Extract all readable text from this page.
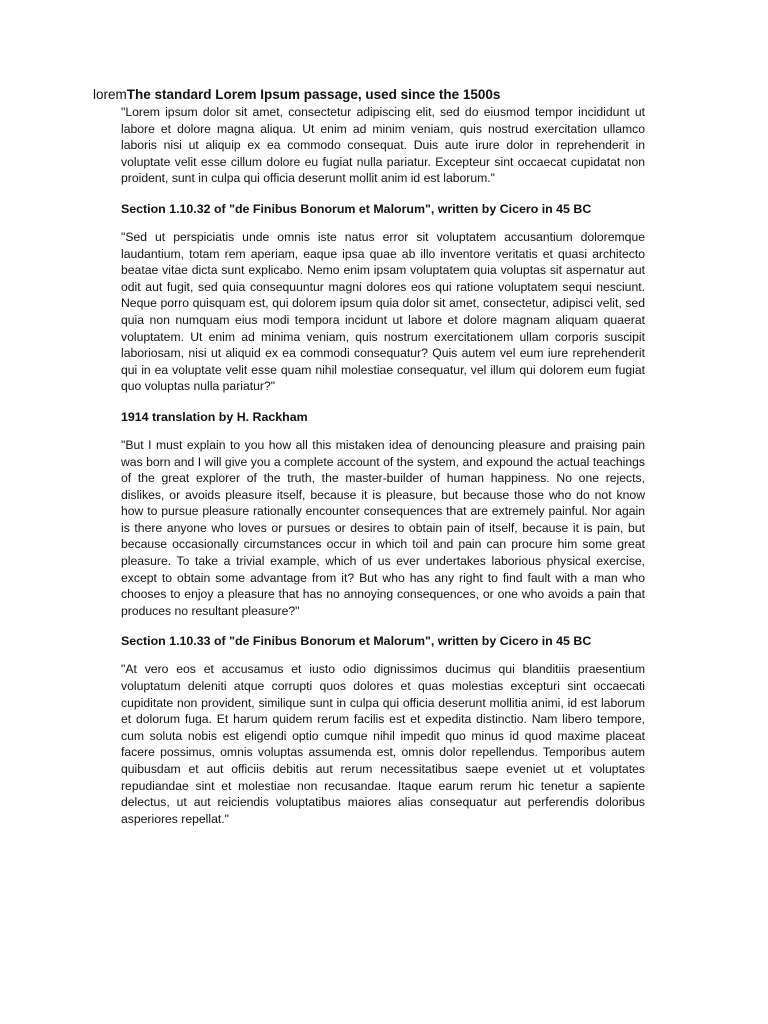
loremThe standard Lorem Ipsum passage, used since the 1500s

"Lorem ipsum dolor sit amet, consectetur adipiscing elit, sed do eiusmod tempor incididunt ut labore et dolore magna aliqua. Ut enim ad minim veniam, quis nostrud exercitation ullamco laboris nisi ut aliquip ex ea commodo consequat. Duis aute irure dolor in reprehenderit in voluptate velit esse cillum dolore eu fugiat nulla pariatur. Excepteur sint occaecat cupidatat non proident, sunt in culpa qui officia deserunt mollit anim id est laborum."

Section 1.10.32 of "de Finibus Bonorum et Malorum", written by Cicero in 45 BC

"Sed ut perspiciatis unde omnis iste natus error sit voluptatem accusantium doloremque laudantium, totam rem aperiam, eaque ipsa quae ab illo inventore veritatis et quasi architecto beatae vitae dicta sunt explicabo. Nemo enim ipsam voluptatem quia voluptas sit aspernatur aut odit aut fugit, sed quia consequuntur magni dolores eos qui ratione voluptatem sequi nesciunt. Neque porro quisquam est, qui dolorem ipsum quia dolor sit amet, consectetur, adipisci velit, sed quia non numquam eius modi tempora incidunt ut labore et dolore magnam aliquam quaerat voluptatem. Ut enim ad minima veniam, quis nostrum exercitationem ullam corporis suscipit laboriosam, nisi ut aliquid ex ea commodi consequatur? Quis autem vel eum iure reprehenderit qui in ea voluptate velit esse quam nihil molestiae consequatur, vel illum qui dolorem eum fugiat quo voluptas nulla pariatur?"

1914 translation by H. Rackham

"But I must explain to you how all this mistaken idea of denouncing pleasure and praising pain was born and I will give you a complete account of the system, and expound the actual teachings of the great explorer of the truth, the master-builder of human happiness. No one rejects, dislikes, or avoids pleasure itself, because it is pleasure, but because those who do not know how to pursue pleasure rationally encounter consequences that are extremely painful. Nor again is there anyone who loves or pursues or desires to obtain pain of itself, because it is pain, but because occasionally circumstances occur in which toil and pain can procure him some great pleasure. To take a trivial example, which of us ever undertakes laborious physical exercise, except to obtain some advantage from it? But who has any right to find fault with a man who chooses to enjoy a pleasure that has no annoying consequences, or one who avoids a pain that produces no resultant pleasure?"

Section 1.10.33 of "de Finibus Bonorum et Malorum", written by Cicero in 45 BC

"At vero eos et accusamus et iusto odio dignissimos ducimus qui blanditiis praesentium voluptatum deleniti atque corrupti quos dolores et quas molestias excepturi sint occaecati cupiditate non provident, similique sunt in culpa qui officia deserunt mollitia animi, id est laborum et dolorum fuga. Et harum quidem rerum facilis est et expedita distinctio. Nam libero tempore, cum soluta nobis est eligendi optio cumque nihil impedit quo minus id quod maxime placeat facere possimus, omnis voluptas assumenda est, omnis dolor repellendus. Temporibus autem quibusdam et aut officiis debitis aut rerum necessitatibus saepe eveniet ut et voluptates repudiandae sint et molestiae non recusandae. Itaque earum rerum hic tenetur a sapiente delectus, ut aut reiciendis voluptatibus maiores alias consequatur aut perferendis doloribus asperiores repellat."
